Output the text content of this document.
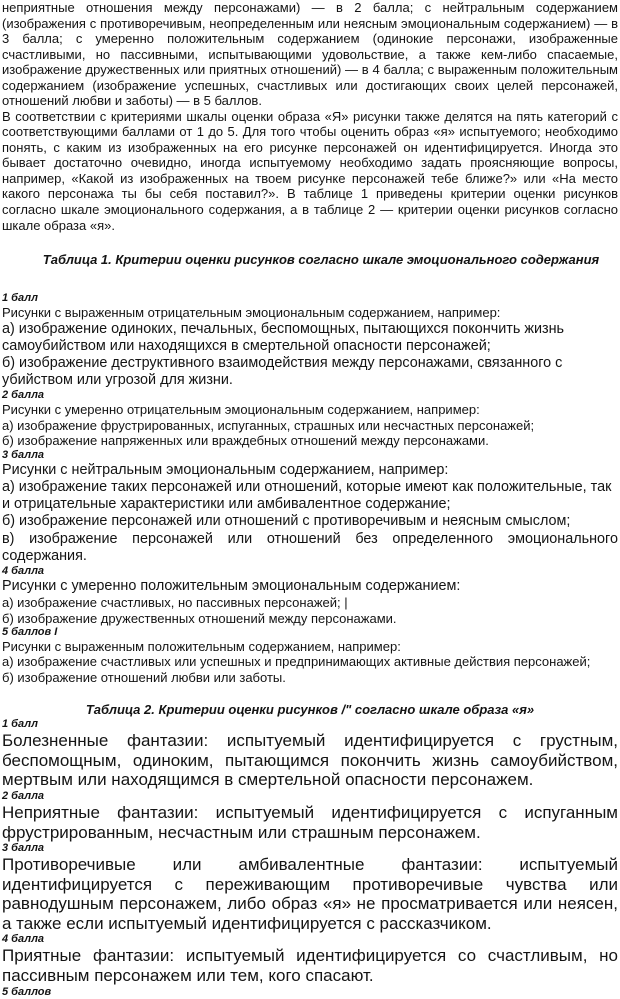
неприятные отношения между персонажами) — в 2 балла; с нейтральным содержанием (изображения с противоречивым, неопределенным или неясным эмоциональным содержанием) — в 3 балла; с умеренно положительным содержанием (одинокие персонажи, изображенные счастливыми, но пассивными, испытывающими удовольствие, а также кем-либо спасаемые, изображение дружественных или приятных отношений) — в 4 балла; с выраженным положительным содержанием (изображение успешных, счастливых или достигающих своих целей персонажей, отношений любви и заботы) — в 5 баллов.

В соответствии с критериями шкалы оценки образа «Я» рисунки также делятся на пять категорий с соответствующими баллами от 1 до 5. Для того чтобы оценить образ «я» испытуемого; необходимо понять, с каким из изображенных на его рисунке персонажей он идентифицируется. Иногда это бывает достаточно очевидно, иногда испытуемому необходимо задать проясняющие вопросы, например, «Какой из изображенных на твоем рисунке персонажей тебе ближе?» или «На место какого персонажа ты бы себя поставил?». В таблице 1 приведены критерии оценки рисунков согласно шкале эмоционального содержания, а в таблице 2 — критерии оценки рисунков согласно шкале образа «я».

Таблица 1. Критерии оценки рисунков согласно шкале эмоционального содержания

1 балл

Рисунки с выраженным отрицательным эмоциональным содержанием, например:

а) изображение одиноких, печальных, беспомощных, пытающихся покончить жизнь самоубийством или находящихся в смертельной опасности персонажей;

б) изображение деструктивного взаимодействия между персонажами, связанного с убийством или угрозой для жизни.

2 балла

Рисунки с умеренно отрицательным эмоциональным содержанием, например:

а) изображение фрустрированных, испуганных, страшных или несчастных персонажей;

б) изображение напряженных или враждебных отношений между персонажами.

3 балла

Рисунки с нейтральным эмоциональным содержанием, например:

а) изображение таких персонажей или отношений, которые имеют как положительные, так и отрицательные характеристики или амбивалентное содержание;

б) изображение персонажей или отношений с противоречивым и неясным смыслом;

в) изображение персонажей или отношений без определенного эмоционального содержания.

4 балла

Рисунки с умеренно положительным эмоциональным содержанием:

а) изображение счастливых, но пассивных персонажей; |

б) изображение дружественных отношений между персонажами.

5 баллов I

Рисунки с выраженным положительным содержанием, например:

а) изображение счастливых или успешных и предпринимающих активные действия персонажей;

б) изображение отношений любви или заботы.

Таблица 2. Критерии оценки рисунков /" согласно шкале образа «я»

1 балл

Болезненные фантазии: испытуемый идентифицируется с грустным, беспомощным, одиноким, пытающимся покончить жизнь самоубийством, мертвым или находящимся в смертельной опасности персонажем.

2 балла

Неприятные фантазии: испытуемый идентифицируется с испуганным фрустрированным, несчастным или страшным персонажем.

3 балла

Противоречивые или амбивалентные фантазии: испытуемый идентифицируется с переживающим противоречивые чувства или равнодушным персонажем, либо образ «я» не просматривается или неясен, а также если испытуемый идентифицируется с рассказчиком.

4 балла

Приятные фантазии: испытуемый идентифицируется со счастливым, но пассивным персонажем или тем, кого спасают.

5 баллов
